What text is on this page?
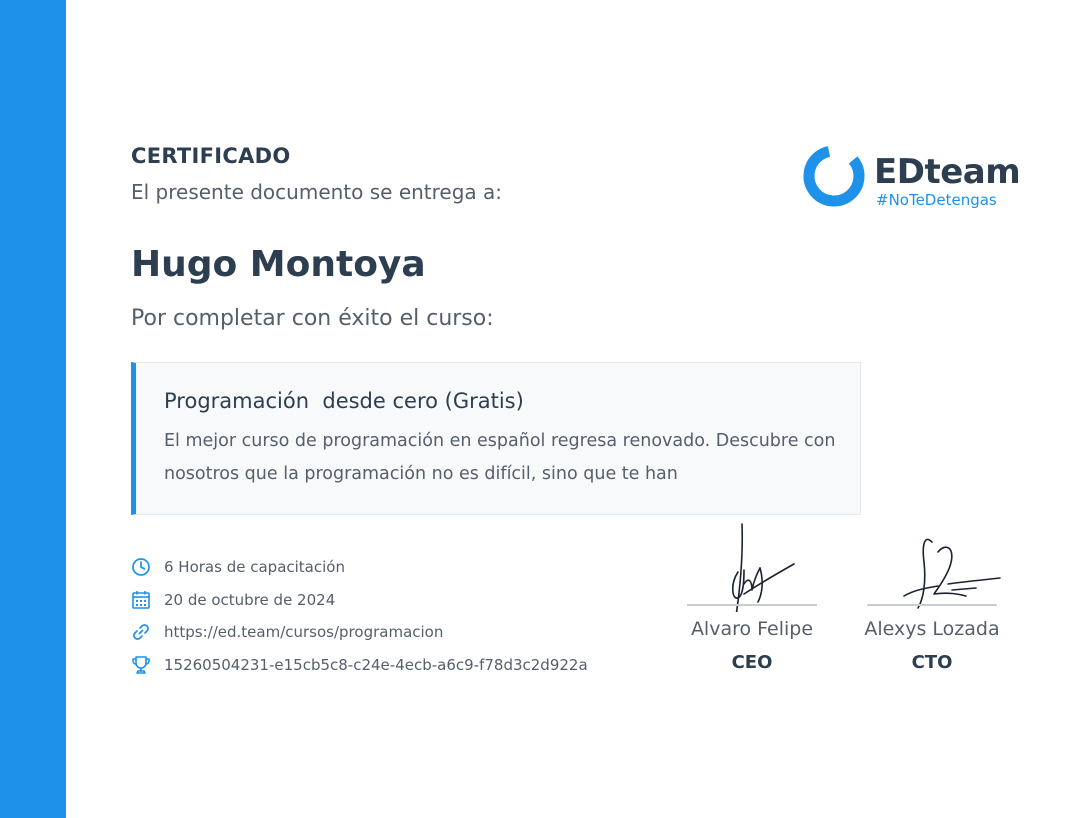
CERTIFICADO
El presente documento se entrega a:	EDteam
#NoTeDetengas
Hugo Montoya
Por completar con éxito el curso:
Programación  desde cero (Gratis)
El mejor curso de programación en español regresa renovado. Descubre con nosotros que la programación no es difícil, sino que te han
6 Horas de capacitación
20 de octubre de 2024
https://ed.team/cursos/programacion
15260504231-e15cb5c8-c24e-4ecb-a6c9-f78d3c2d922a
Alvaro Felipe
CEO
Alexys Lozada
CTO
